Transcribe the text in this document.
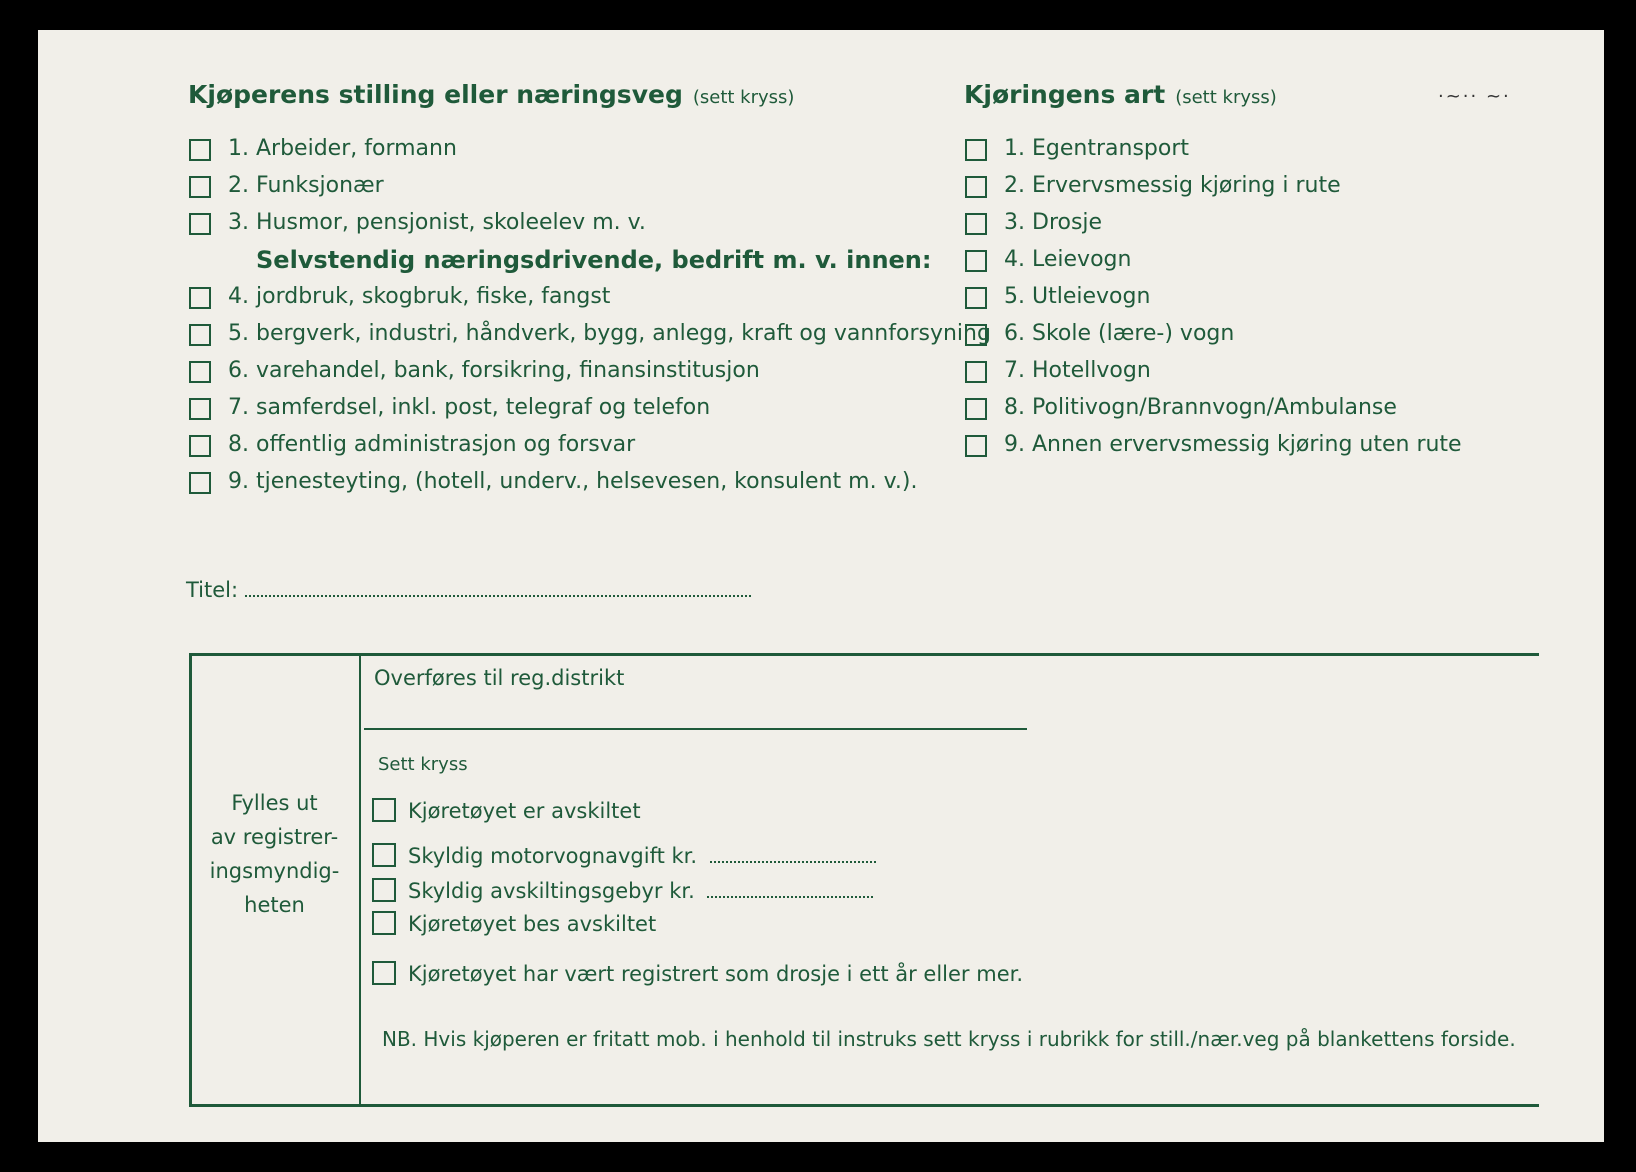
·~·· ~·
Kjøperens stilling eller næringsveg (sett kryss)
1. Arbeider, formann
2. Funksjonær
3. Husmor, pensjonist, skoleelev m. v.
Selvstendig næringsdrivende, bedrift m. v. innen:
4. jordbruk, skogbruk, fiske, fangst
5. bergverk, industri, håndverk, bygg, anlegg, kraft og vannforsyning
6. varehandel, bank, forsikring, finansinstitusjon
7. samferdsel, inkl. post, telegraf og telefon
8. offentlig administrasjon og forsvar
9. tjenesteyting, (hotell, underv., helsevesen, konsulent m. v.).
Kjøringens art (sett kryss)
1. Egentransport
2. Ervervsmessig kjøring i rute
3. Drosje
4. Leievogn
5. Utleievogn
6. Skole (lære-) vogn
7. Hotellvogn
8. Politivogn/Brannvogn/Ambulanse
9. Annen ervervsmessig kjøring uten rute
Titel:
Fylles ut
av registrer-
ingsmyndig-
heten
Overføres til reg.distrikt
Sett kryss
Kjøretøyet er avskiltet
Skyldig motorvognavgift kr.
Skyldig avskiltingsgebyr kr.
Kjøretøyet bes avskiltet
Kjøretøyet har vært registrert som drosje i ett år eller mer.
NB. Hvis kjøperen er fritatt mob. i henhold til instruks sett kryss i rubrikk for still./nær.veg på blankettens forside.
